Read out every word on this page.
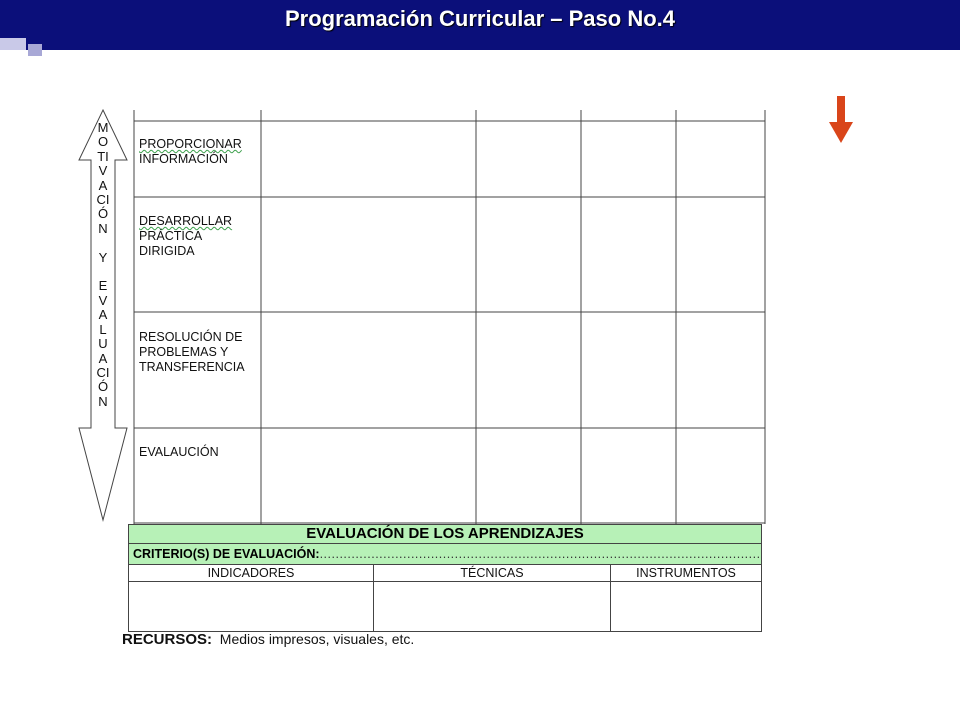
Programación Curricular – Paso No.4
M
O
TI
V
A
CI
Ó
N

Y

E
V
A
L
U
A
CI
Ó
N
PROPORCIONAR
INFORMACIÓN
DESARROLLAR
PRÁCTICA
DIRIGIDA
RESOLUCIÓN DE
PROBLEMAS Y
TRANSFERENCIA
EVALAUCIÓN
EVALUACIÓN DE LOS APRENDIZAJES
CRITERIO(S) DE EVALUACIÓN:...............................................................................................................
INDICADORES	TÉCNICAS	INSTRUMENTOS
RECURSOS: Medios impresos, visuales, etc.
